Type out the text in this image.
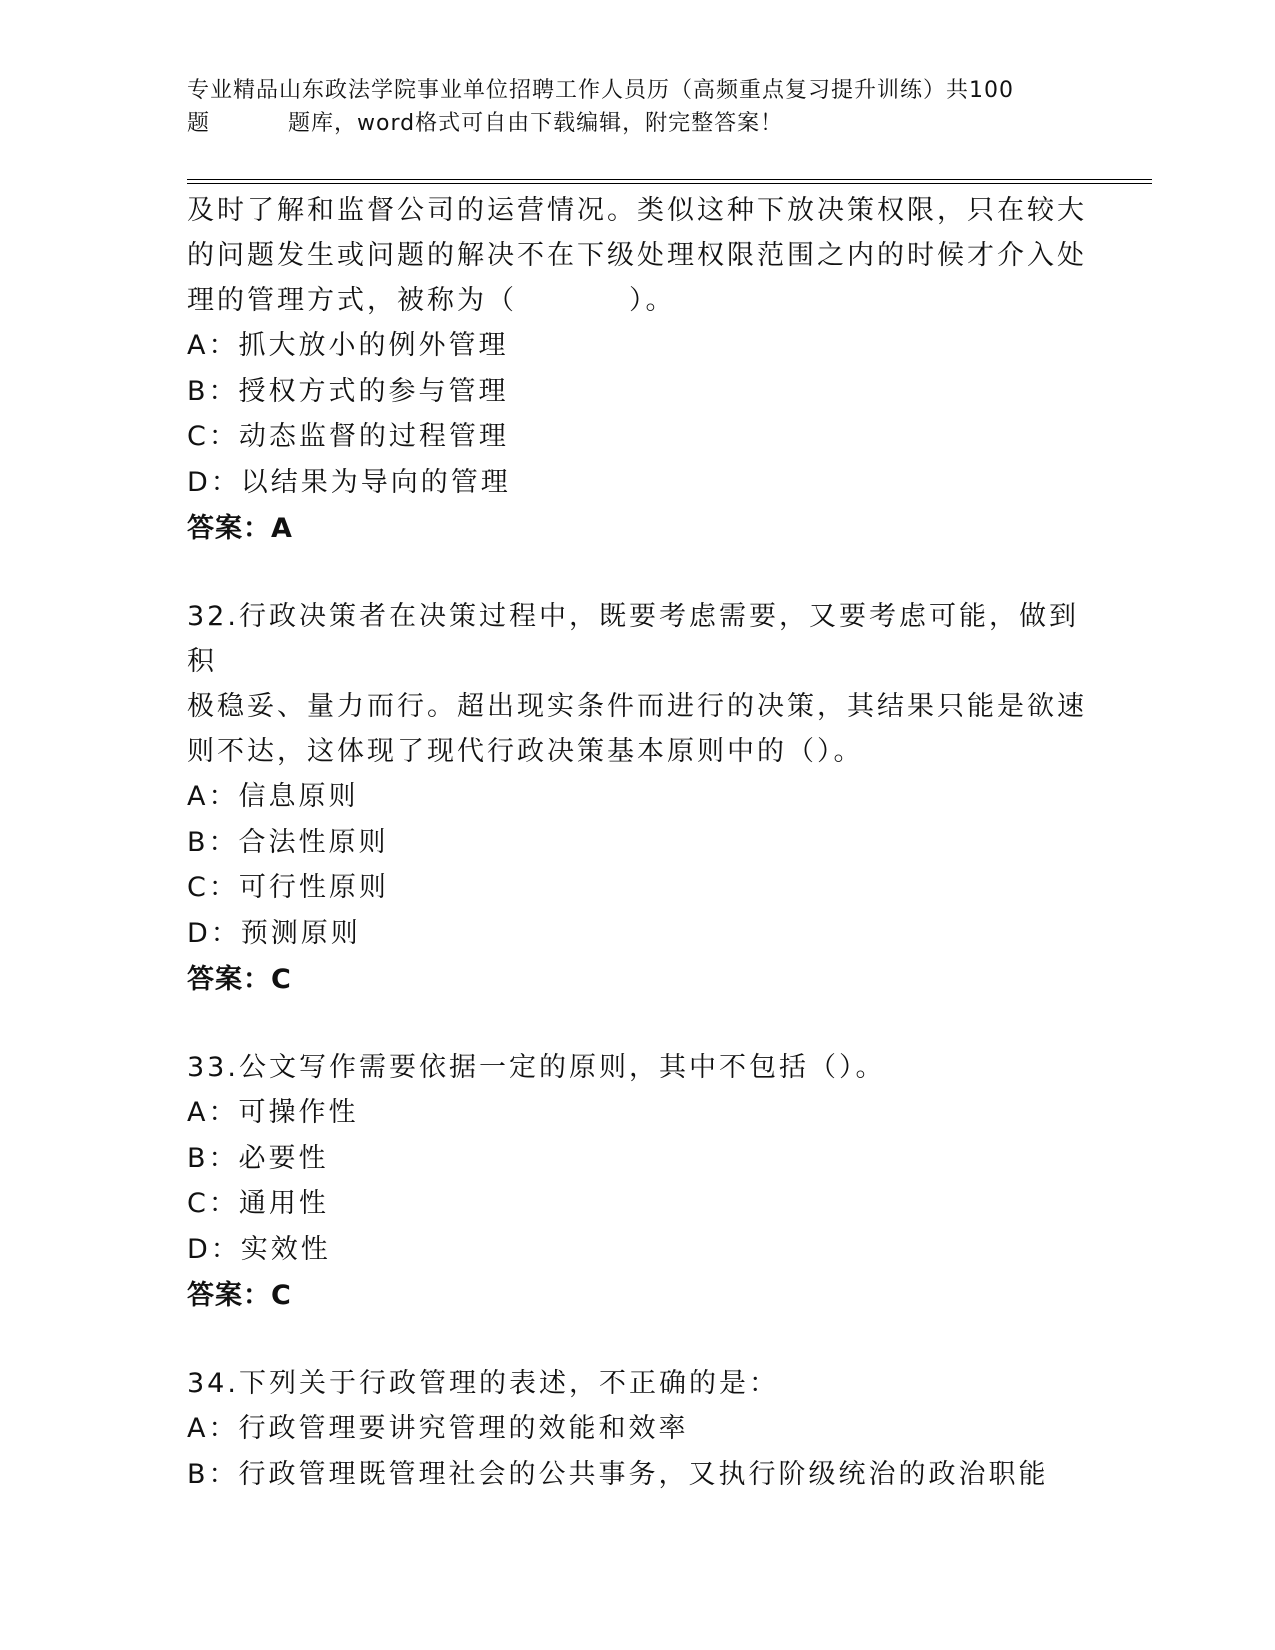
专业精品山东政法学院事业单位招聘工作人员历（高频重点复习提升训练）共100
题	题库，word格式可自由下载编辑，附完整答案！

及时了解和监督公司的运营情况。类似这种下放决策权限，只在较大

的问题发生或问题的解决不在下级处理权限范围之内的时候才介入处

理的管理方式，被称为（	）。

A：抓大放小的例外管理

B：授权方式的参与管理

C：动态监督的过程管理

D：以结果为导向的管理

答案：A

32.行政决策者在决策过程中，既要考虑需要，又要考虑可能，做到积

极稳妥、量力而行。超出现实条件而进行的决策，其结果只能是欲速

则不达，这体现了现代行政决策基本原则中的（）。

A：信息原则

B：合法性原则

C：可行性原则

D：预测原则

答案：C

33.公文写作需要依据一定的原则，其中不包括（）。

A：可操作性

B：必要性

C：通用性

D：实效性

答案：C

34.下列关于行政管理的表述，不正确的是：

A：行政管理要讲究管理的效能和效率

B：行政管理既管理社会的公共事务，又执行阶级统治的政治职能
